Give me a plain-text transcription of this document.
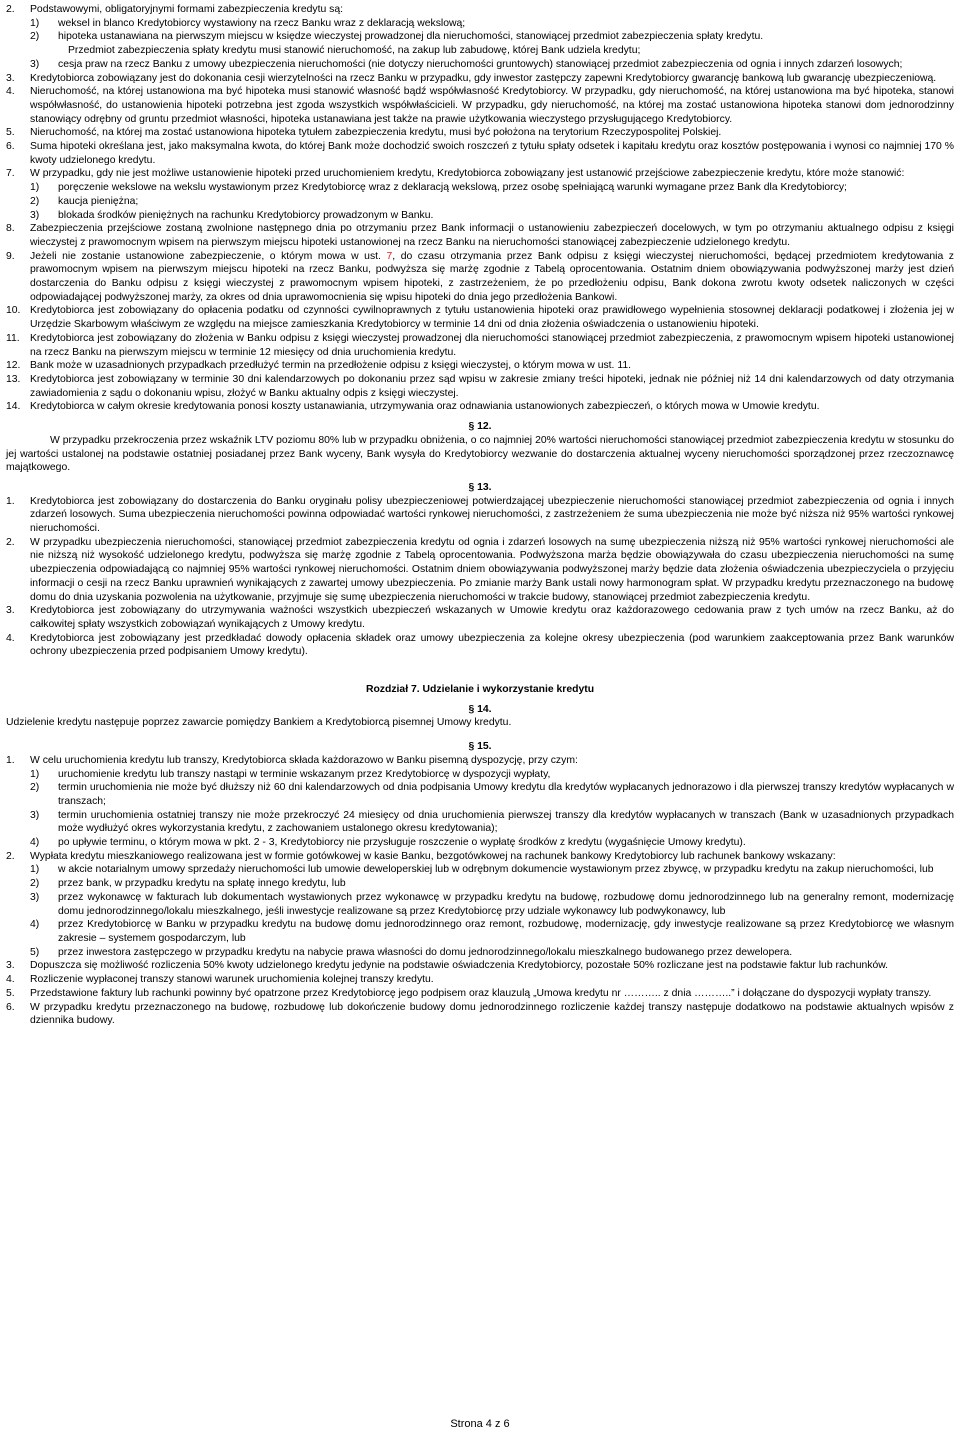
2.	Podstawowymi, obligatoryjnymi formami zabezpieczenia kredytu są:
1)	weksel in blanco Kredytobiorcy wystawiony na rzecz Banku wraz z deklaracją wekslową;
2)	hipoteka ustanawiana na pierwszym miejscu w księdze wieczystej prowadzonej dla nieruchomości, stanowiącej przedmiot zabezpieczenia spłaty kredytu.
Przedmiot zabezpieczenia spłaty kredytu musi stanowić nieruchomość, na zakup lub zabudowę, której Bank udziela kredytu;
3)	cesja praw na rzecz Banku z umowy ubezpieczenia nieruchomości (nie dotyczy nieruchomości gruntowych) stanowiącej przedmiot zabezpieczenia od ognia i innych zdarzeń losowych;
3.	Kredytobiorca zobowiązany jest do dokonania cesji wierzytelności na rzecz Banku w przypadku, gdy inwestor zastępczy zapewni Kredytobiorcy gwarancję bankową lub gwarancję ubezpieczeniową.
4.	Nieruchomość, na której ustanowiona ma być hipoteka musi stanowić własność bądź współwłasność Kredytobiorcy. W przypadku, gdy nieruchomość, na której ustanowiona ma być hipoteka, stanowi współwłasność, do ustanowienia hipoteki potrzebna jest zgoda wszystkich współwłaścicieli. W przypadku, gdy nieruchomość, na której ma zostać ustanowiona hipoteka stanowi dom jednorodzinny stanowiący odrębny od gruntu przedmiot własności, hipoteka ustanawiana jest także na prawie użytkowania wieczystego przysługującego Kredytobiorcy.
5.	Nieruchomość, na której ma zostać ustanowiona hipoteka tytułem zabezpieczenia kredytu, musi być położona na terytorium Rzeczypospolitej Polskiej.
6.	Suma hipoteki określana jest, jako maksymalna kwota, do której Bank może dochodzić swoich roszczeń z tytułu spłaty odsetek i kapitału kredytu oraz kosztów postępowania i wynosi co najmniej 170 % kwoty udzielonego kredytu.
7.	W przypadku, gdy nie jest możliwe ustanowienie hipoteki przed uruchomieniem kredytu, Kredytobiorca zobowiązany jest ustanowić przejściowe zabezpieczenie kredytu, które może stanowić:
1)	poręczenie wekslowe na wekslu wystawionym przez Kredytobiorcę wraz z deklaracją wekslową, przez osobę spełniającą warunki wymagane przez Bank dla Kredytobiorcy;
2)	kaucja pieniężna;
3)	blokada środków pieniężnych na rachunku Kredytobiorcy prowadzonym w Banku.
8.	Zabezpieczenia przejściowe zostaną zwolnione następnego dnia po otrzymaniu przez Bank informacji o ustanowieniu zabezpieczeń docelowych, w tym po otrzymaniu aktualnego odpisu z księgi wieczystej z prawomocnym wpisem na pierwszym miejscu hipoteki ustanowionej na rzecz Banku na nieruchomości stanowiącej zabezpieczenie udzielonego kredytu.
9.	Jeżeli nie zostanie ustanowione zabezpieczenie, o którym mowa w ust. 7, do czasu otrzymania przez Bank odpisu z księgi wieczystej nieruchomości, będącej przedmiotem kredytowania z prawomocnym wpisem na pierwszym miejscu hipoteki na rzecz Banku, podwyższa się marżę zgodnie z Tabelą oprocentowania. Ostatnim dniem obowiązywania podwyższonej marży jest dzień dostarczenia do Banku odpisu z księgi wieczystej z prawomocnym wpisem hipoteki, z zastrzeżeniem, że po przedłożeniu odpisu, Bank dokona zwrotu kwoty odsetek naliczonych w części odpowiadającej podwyższonej marży, za okres od dnia uprawomocnienia się wpisu hipoteki do dnia jego przedłożenia Bankowi.
10. Kredytobiorca jest zobowiązany do opłacenia podatku od czynności cywilnoprawnych z tytułu ustanowienia hipoteki oraz prawidłowego wypełnienia stosownej deklaracji podatkowej i złożenia jej w Urzędzie Skarbowym właściwym ze względu na miejsce zamieszkania Kredytobiorcy w terminie 14 dni od dnia złożenia oświadczenia o ustanowieniu hipoteki.
11. Kredytobiorca jest zobowiązany do złożenia w Banku odpisu z księgi wieczystej prowadzonej dla nieruchomości stanowiącej przedmiot zabezpieczenia, z prawomocnym wpisem hipoteki ustanowionej na rzecz Banku na pierwszym miejscu w terminie 12 miesięcy od dnia uruchomienia kredytu.
12. Bank może w uzasadnionych przypadkach przedłużyć termin na przedłożenie odpisu z księgi wieczystej, o którym mowa w ust. 11.
13. Kredytobiorca jest zobowiązany w terminie 30 dni kalendarzowych po dokonaniu przez sąd wpisu w zakresie zmiany treści hipoteki, jednak nie później niż 14 dni kalendarzowych od daty otrzymania zawiadomienia z sądu o dokonaniu wpisu, złożyć w Banku aktualny odpis z księgi wieczystej.
14. Kredytobiorca w całym okresie kredytowania ponosi koszty ustanawiania, utrzymywania oraz odnawiania ustanowionych zabezpieczeń, o których mowa w Umowie kredytu.
§ 12.
W przypadku przekroczenia przez wskaźnik LTV poziomu 80% lub w przypadku obniżenia, o co najmniej 20% wartości nieruchomości stanowiącej przedmiot zabezpieczenia kredytu w stosunku do jej wartości ustalonej na podstawie ostatniej posiadanej przez Bank wyceny, Bank wysyła do Kredytobiorcy wezwanie do dostarczenia aktualnej wyceny nieruchomości sporządzonej przez rzeczoznawcę majątkowego.
§ 13.
1.	Kredytobiorca jest zobowiązany do dostarczenia do Banku oryginału polisy ubezpieczeniowej potwierdzającej ubezpieczenie nieruchomości stanowiącej przedmiot zabezpieczenia od ognia i innych zdarzeń losowych. Suma ubezpieczenia nieruchomości powinna odpowiadać wartości rynkowej nieruchomości, z zastrzeżeniem że suma ubezpieczenia nie może być niższa niż 95% wartości rynkowej nieruchomości.
2.	W przypadku ubezpieczenia nieruchomości, stanowiącej przedmiot zabezpieczenia kredytu od ognia i zdarzeń losowych na sumę ubezpieczenia niższą niż 95% wartości rynkowej nieruchomości ale nie niższą niż wysokość udzielonego kredytu, podwyższa się marżę zgodnie z Tabelą oprocentowania. Podwyższona marża będzie obowiązywała do czasu ubezpieczenia nieruchomości na sumę ubezpieczenia odpowiadającą co najmniej 95% wartości rynkowej nieruchomości. Ostatnim dniem obowiązywania podwyższonej marży będzie data złożenia oświadczenia ubezpieczyciela o przyjęciu informacji o cesji na rzecz Banku uprawnień wynikających z zawartej umowy ubezpieczenia. Po zmianie marży Bank ustali nowy harmonogram spłat. W przypadku kredytu przeznaczonego na budowę domu do dnia uzyskania pozwolenia na użytkowanie, przyjmuje się sumę ubezpieczenia nieruchomości w trakcie budowy, stanowiącej przedmiot zabezpieczenia kredytu.
3.	Kredytobiorca jest zobowiązany do utrzymywania ważności wszystkich ubezpieczeń wskazanych w Umowie kredytu oraz każdorazowego cedowania praw z tych umów na rzecz Banku, aż do całkowitej spłaty wszystkich zobowiązań wynikających z Umowy kredytu.
4.	Kredytobiorca jest zobowiązany jest przedkładać dowody opłacenia składek oraz umowy ubezpieczenia za kolejne okresy ubezpieczenia (pod warunkiem zaakceptowania przez Bank warunków ochrony ubezpieczenia przed podpisaniem Umowy kredytu).
Rozdział 7. Udzielanie i wykorzystanie kredytu
§ 14.
Udzielenie kredytu następuje poprzez zawarcie pomiędzy Bankiem a Kredytobiorcą pisemnej Umowy kredytu.
§ 15.
1.	W celu uruchomienia kredytu lub transzy, Kredytobiorca składa każdorazowo w Banku pisemną dyspozycję, przy czym:
1)	uruchomienie kredytu lub transzy nastąpi w terminie wskazanym przez Kredytobiorcę w dyspozycji wypłaty,
2)	termin uruchomienia nie może być dłuższy niż 60 dni kalendarzowych od dnia podpisania Umowy kredytu dla kredytów wypłacanych jednorazowo i dla pierwszej transzy kredytów wypłacanych w transzach;
3)	termin uruchomienia ostatniej transzy nie może przekroczyć 24 miesięcy od dnia uruchomienia pierwszej transzy dla kredytów wypłacanych w transzach (Bank w uzasadnionych przypadkach może wydłużyć okres wykorzystania kredytu, z zachowaniem ustalonego okresu kredytowania);
4)	po upływie terminu, o którym mowa w pkt. 2 - 3, Kredytobiorcy nie przysługuje roszczenie o wypłatę środków z kredytu (wygaśnięcie Umowy kredytu).
2.	Wypłata kredytu mieszkaniowego realizowana jest w formie gotówkowej w kasie Banku, bezgotówkowej na rachunek bankowy Kredytobiorcy lub rachunek bankowy wskazany:
1)	w akcie notarialnym umowy sprzedaży nieruchomości lub umowie deweloperskiej lub w odrębnym dokumencie wystawionym przez zbywcę, w przypadku kredytu na zakup nieruchomości, lub
2)	przez bank, w przypadku kredytu na spłatę innego kredytu, lub
3)	przez wykonawcę w fakturach lub dokumentach wystawionych przez wykonawcę w przypadku kredytu na budowę, rozbudowę domu jednorodzinnego lub na generalny remont, modernizację domu jednorodzinnego/lokalu mieszkalnego, jeśli inwestycje realizowane są przez Kredytobiorcę przy udziale wykonawcy lub podwykonawcy, lub
4)	przez Kredytobiorcę w Banku w przypadku kredytu na budowę domu jednorodzinnego oraz remont, rozbudowę, modernizację, gdy inwestycje realizowane są przez Kredytobiorcę we własnym zakresie – systemem gospodarczym, lub
5)	przez inwestora zastępczego w przypadku kredytu na nabycie prawa własności do domu jednorodzinnego/lokalu mieszkalnego budowanego przez dewelopera.
3.	Dopuszcza się możliwość rozliczenia 50% kwoty udzielonego kredytu jedynie na podstawie oświadczenia Kredytobiorcy, pozostałe 50% rozliczane jest na podstawie faktur lub rachunków.
4.	Rozliczenie wypłaconej transzy stanowi warunek uruchomienia kolejnej transzy kredytu.
5.	Przedstawione faktury lub rachunki powinny być opatrzone przez Kredytobiorcę jego podpisem oraz klauzulą „Umowa kredytu nr ……….. z dnia ………..” i dołączane do dyspozycji wypłaty transzy.
6.	W przypadku kredytu przeznaczonego na budowę, rozbudowę lub dokończenie budowy domu jednorodzinnego rozliczenie każdej transzy następuje dodatkowo na podstawie aktualnych wpisów z dziennika budowy.
Strona 4 z 6
